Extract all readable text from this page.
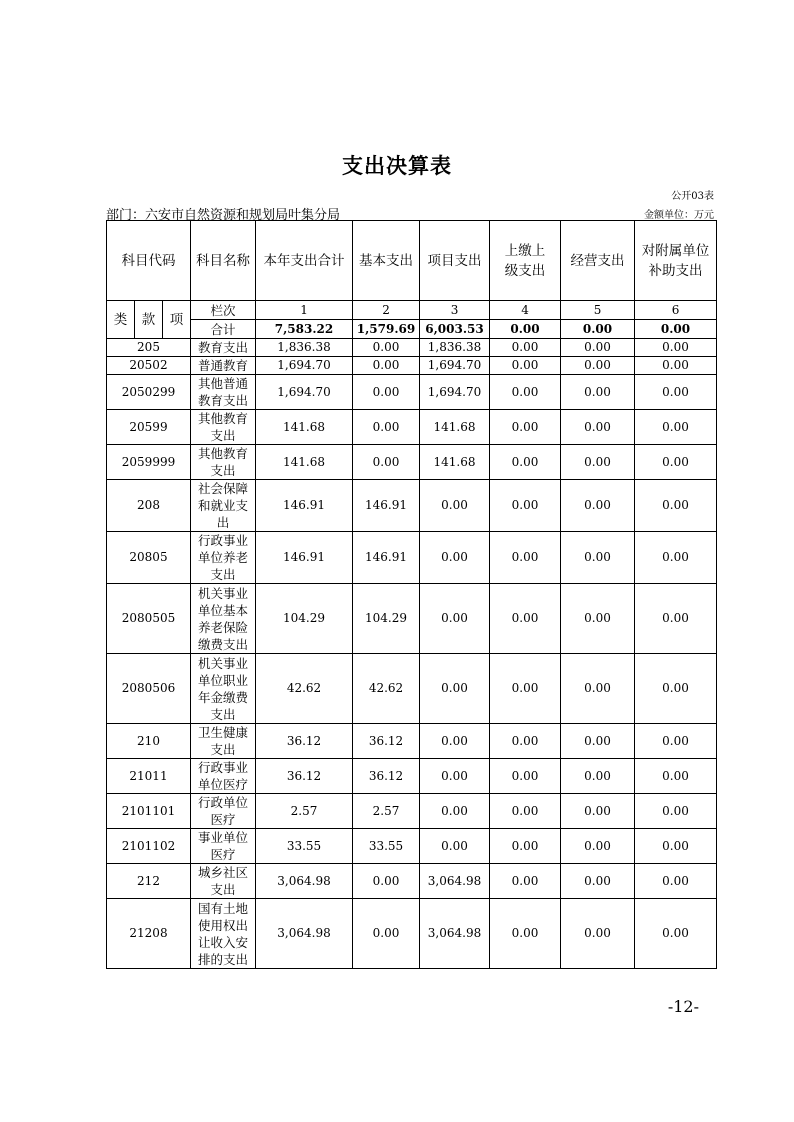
支出决算表
公开03表
部门：六安市自然资源和规划局叶集分局	金额单位：万元
科目代码			科目名称	本年支出合计	基本支出	项目支出	上缴上级支出	经营支出	对附属单位补助支出
类	款	项	栏次	1	2	3	4	5	6
			合计	7,583.22	1,579.69	6,003.53	0.00	0.00	0.00
205			教育支出	1,836.38	0.00	1,836.38	0.00	0.00	0.00
20502			普通教育	1,694.70	0.00	1,694.70	0.00	0.00	0.00
2050299			其他普通教育支出	1,694.70	0.00	1,694.70	0.00	0.00	0.00
20599			其他教育支出	141.68	0.00	141.68	0.00	0.00	0.00
2059999			其他教育支出	141.68	0.00	141.68	0.00	0.00	0.00
208			社会保障和就业支出	146.91	146.91	0.00	0.00	0.00	0.00
20805			行政事业单位养老支出	146.91	146.91	0.00	0.00	0.00	0.00
2080505			机关事业单位基本养老保险缴费支出	104.29	104.29	0.00	0.00	0.00	0.00
2080506			机关事业单位职业年金缴费支出	42.62	42.62	0.00	0.00	0.00	0.00
210			卫生健康支出	36.12	36.12	0.00	0.00	0.00	0.00
21011			行政事业单位医疗	36.12	36.12	0.00	0.00	0.00	0.00
2101101			行政单位医疗	2.57	2.57	0.00	0.00	0.00	0.00
2101102			事业单位医疗	33.55	33.55	0.00	0.00	0.00	0.00
212			城乡社区支出	3,064.98	0.00	3,064.98	0.00	0.00	0.00
21208			国有土地使用权出让收入安排的支出	3,064.98	0.00	3,064.98	0.00	0.00	0.00
-12-
